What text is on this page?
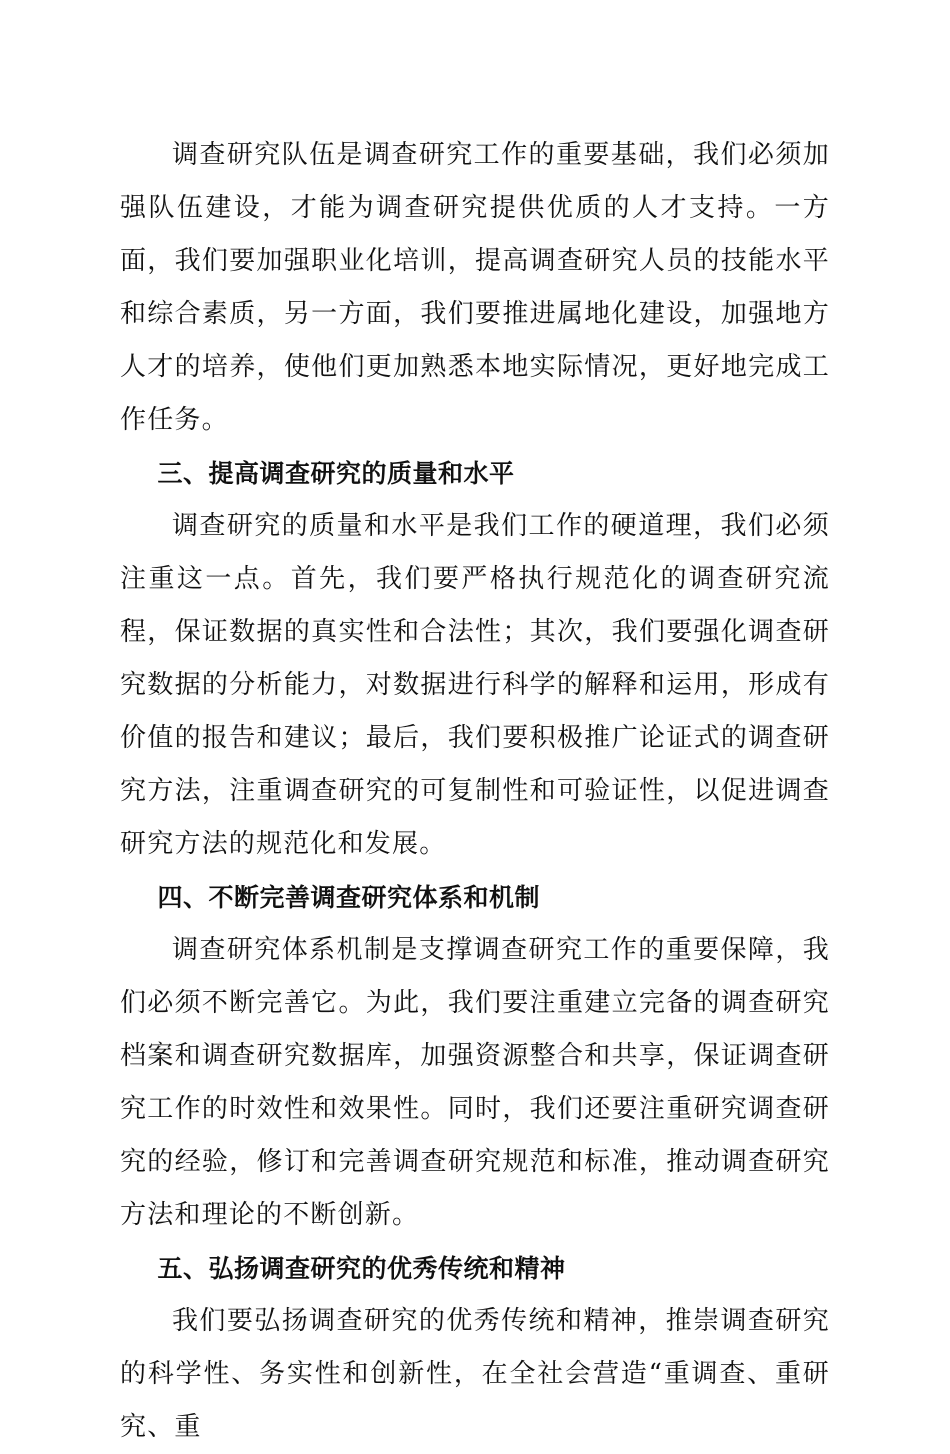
调查研究队伍是调查研究工作的重要基础，我们必须加强队伍建设，才能为调查研究提供优质的人才支持。一方面，我们要加强职业化培训，提高调查研究人员的技能水平和综合素质，另一方面，我们要推进属地化建设，加强地方人才的培养，使他们更加熟悉本地实际情况，更好地完成工作任务。

三、提高调查研究的质量和水平

调查研究的质量和水平是我们工作的硬道理，我们必须注重这一点。首先，我们要严格执行规范化的调查研究流程，保证数据的真实性和合法性；其次，我们要强化调查研究数据的分析能力，对数据进行科学的解释和运用，形成有价值的报告和建议；最后，我们要积极推广论证式的调查研究方法，注重调查研究的可复制性和可验证性，以促进调查研究方法的规范化和发展。

四、不断完善调查研究体系和机制

调查研究体系机制是支撑调查研究工作的重要保障，我们必须不断完善它。为此，我们要注重建立完备的调查研究档案和调查研究数据库，加强资源整合和共享，保证调查研究工作的时效性和效果性。同时，我们还要注重研究调查研究的经验，修订和完善调查研究规范和标准，推动调查研究方法和理论的不断创新。

五、弘扬调查研究的优秀传统和精神

我们要弘扬调查研究的优秀传统和精神，推崇调查研究的科学性、务实性和创新性，在全社会营造“重调查、重研究、重
